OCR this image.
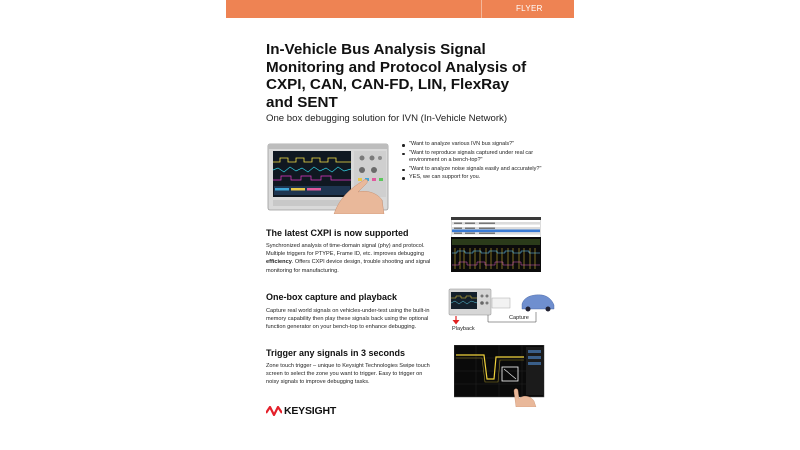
FLYER
In-Vehicle Bus Analysis Signal Monitoring and Protocol Analysis of CXPI, CAN, CAN-FD, LIN, FlexRay and SENT
One box debugging solution for IVN (In-Vehicle Network)
"Want to analyze various IVN bus signals?"
"Want to reproduce signals captured under real car environment on a bench-top?"
"Want to analyze noise signals easily and accurately?"
YES, we can support for you.
The latest CXPI is now supported
Synchronized analysis of time-domain signal (phy) and protocol. Multiple triggers for PTYPE, Frame ID, etc. improves debugging efficiency. Offers CXPI device design, trouble shooting and signal monitoring for manufacturing.
One-box capture and playback
Capture real world signals on vehicles-under-test using the built-in memory capability then play these signals back using the optional function generator on your bench-top to enhance debugging.
Capture
Playback
Trigger any signals in 3 seconds
Zone touch trigger – unique to Keysight Technologies Swipe touch screen to select the zone you want to trigger. Easy to trigger on noisy signals to improve debugging tasks.
KEYSIGHT
